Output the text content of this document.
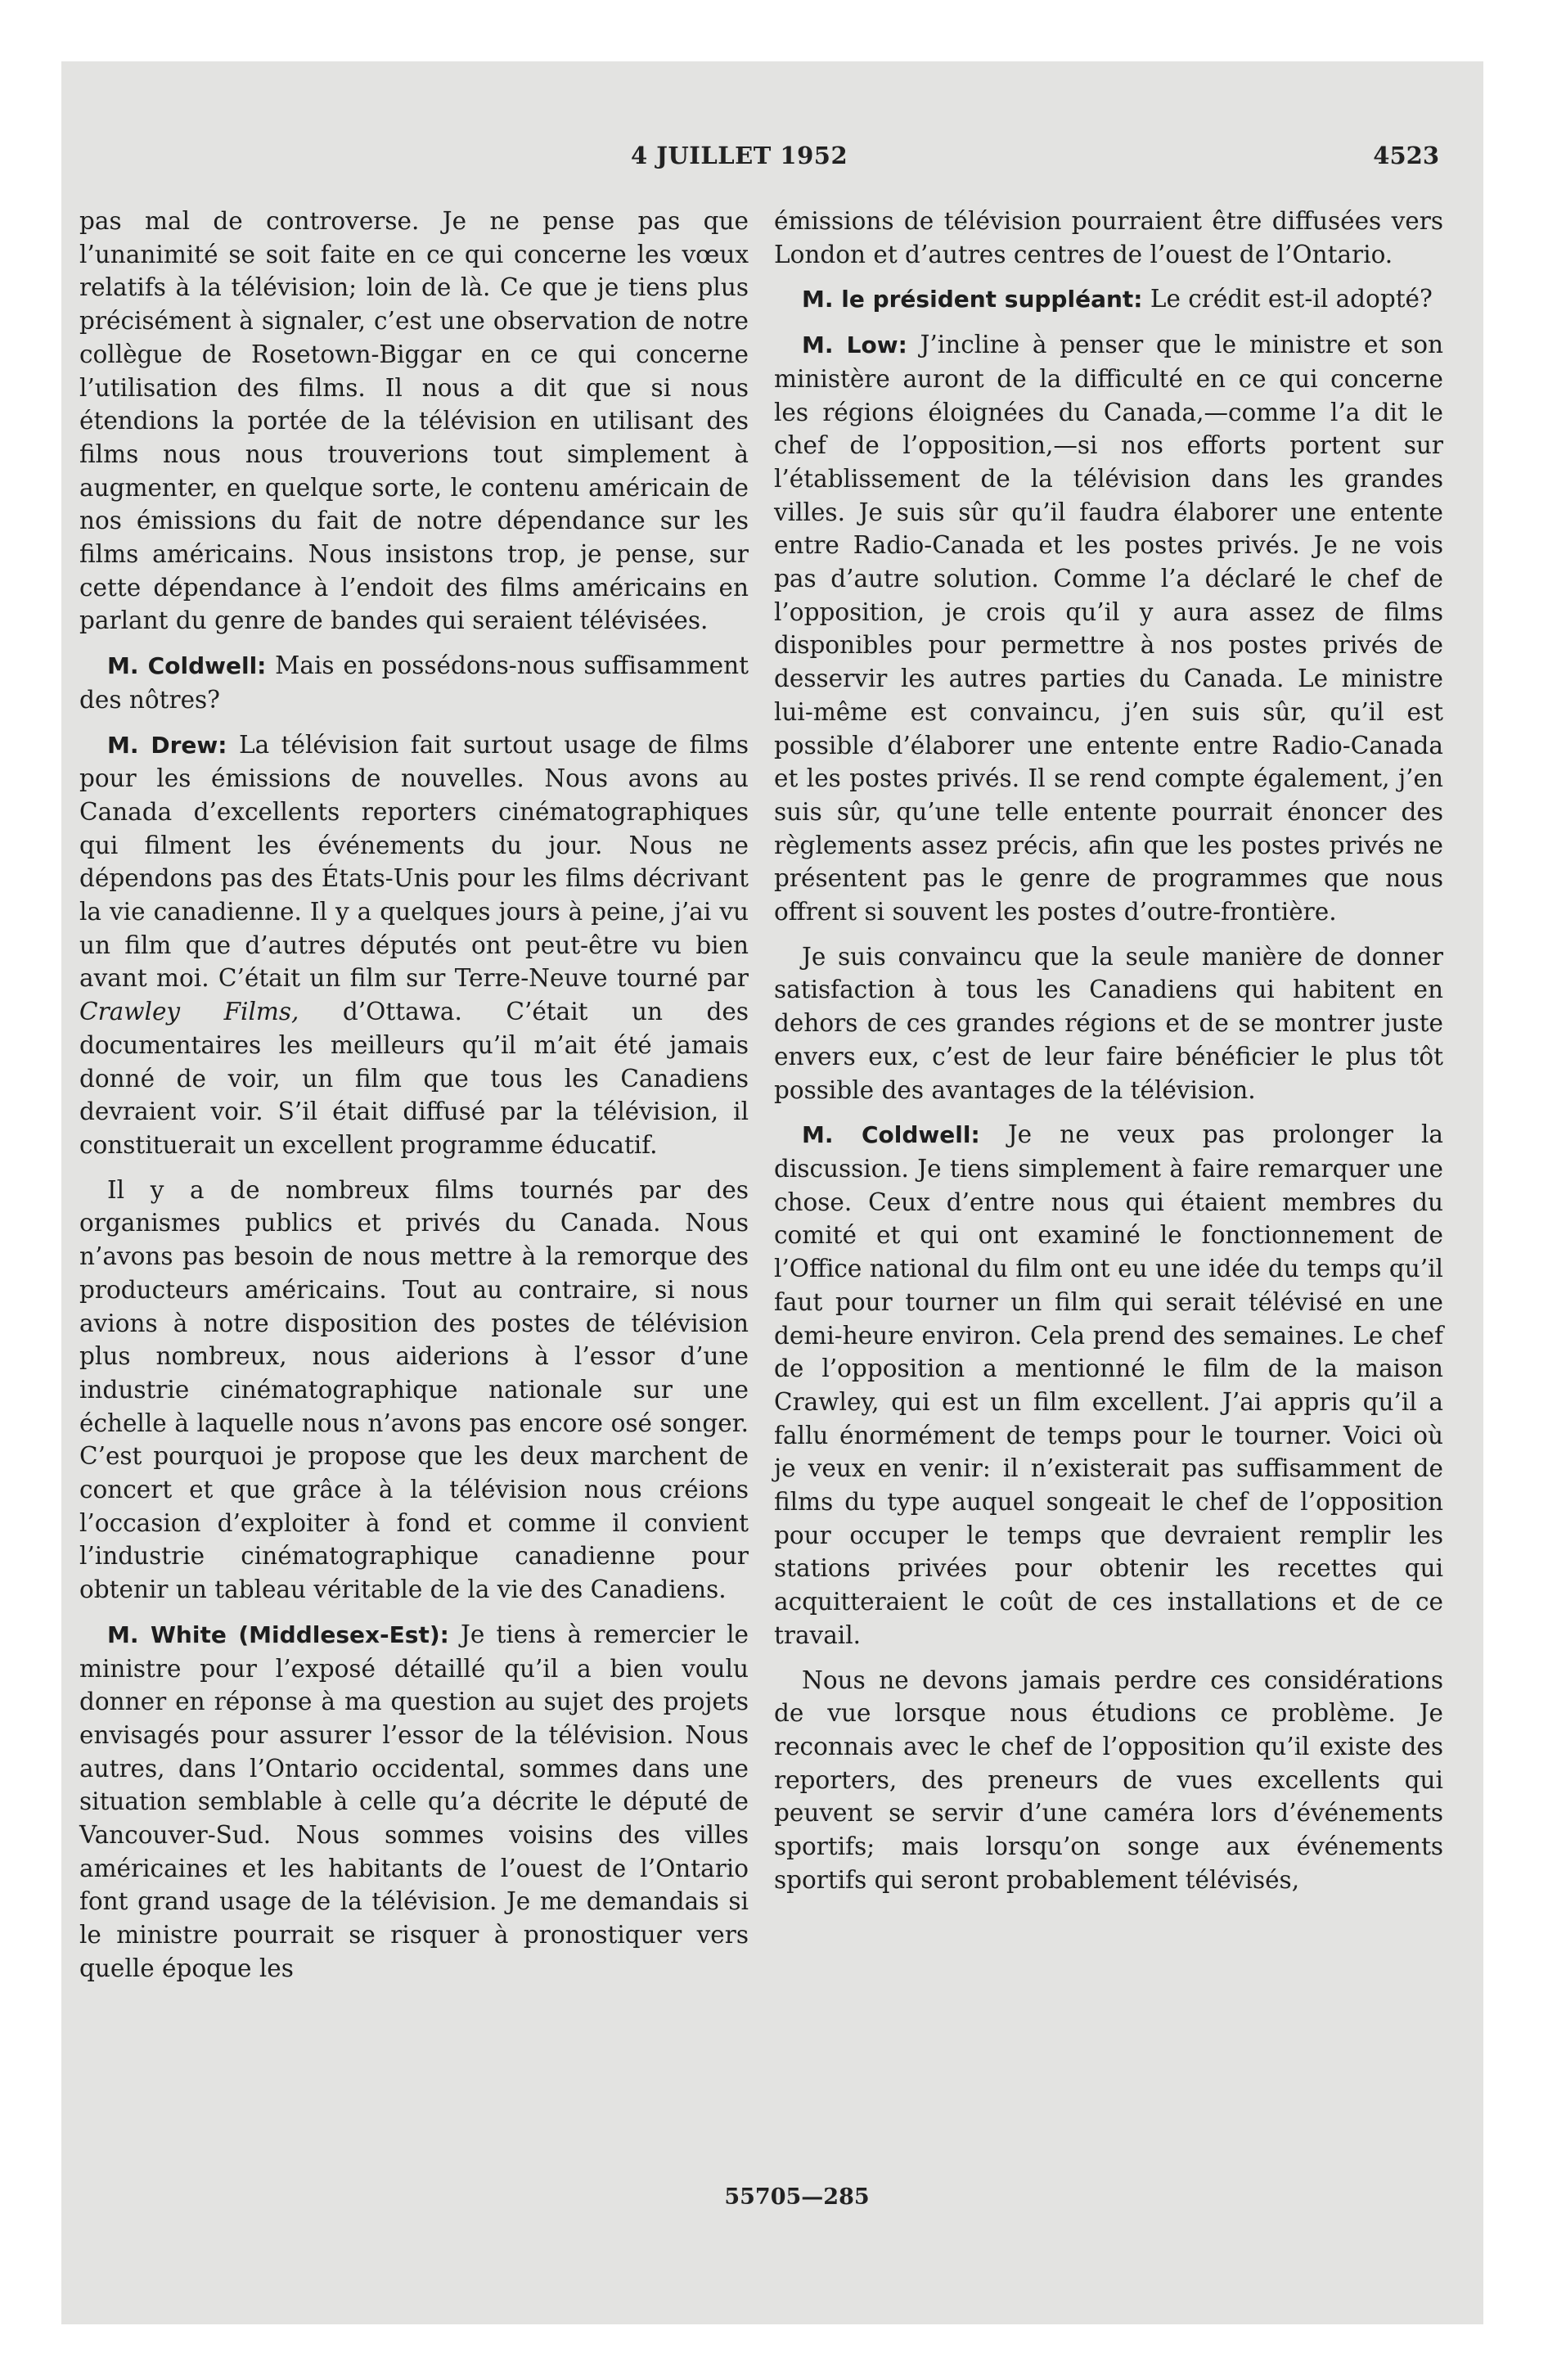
4 JUILLET 1952	4523

pas mal de controverse. Je ne pense pas que l’unanimité se soit faite en ce qui concerne les vœux relatifs à la télévision; loin de là. Ce que je tiens plus précisément à signaler, c’est une observation de notre collègue de Rosetown-Biggar en ce qui concerne l’utilisation des films. Il nous a dit que si nous étendions la portée de la télévision en utilisant des films nous nous trouverions tout simplement à augmenter, en quelque sorte, le contenu américain de nos émissions du fait de notre dépendance sur les films américains. Nous insistons trop, je pense, sur cette dépendance à l’endoit des films américains en parlant du genre de bandes qui seraient télévisées.

M. Coldwell: Mais en possédons-nous suffisamment des nôtres?

M. Drew: La télévision fait surtout usage de films pour les émissions de nouvelles. Nous avons au Canada d’excellents reporters cinématographiques qui filment les événements du jour. Nous ne dépendons pas des États-Unis pour les films décrivant la vie canadienne. Il y a quelques jours à peine, j’ai vu un film que d’autres députés ont peut-être vu bien avant moi. C’était un film sur Terre-Neuve tourné par Crawley Films, d’Ottawa. C’était un des documentaires les meilleurs qu’il m’ait été jamais donné de voir, un film que tous les Canadiens devraient voir. S’il était diffusé par la télévision, il constituerait un excellent programme éducatif.

Il y a de nombreux films tournés par des organismes publics et privés du Canada. Nous n’avons pas besoin de nous mettre à la remorque des producteurs américains. Tout au contraire, si nous avions à notre disposition des postes de télévision plus nombreux, nous aiderions à l’essor d’une industrie cinématographique nationale sur une échelle à laquelle nous n’avons pas encore osé songer. C’est pourquoi je propose que les deux marchent de concert et que grâce à la télévision nous créions l’occasion d’exploiter à fond et comme il convient l’industrie cinématographique canadienne pour obtenir un tableau véritable de la vie des Canadiens.

M. White (Middlesex-Est): Je tiens à remercier le ministre pour l’exposé détaillé qu’il a bien voulu donner en réponse à ma question au sujet des projets envisagés pour assurer l’essor de la télévision. Nous autres, dans l’Ontario occidental, sommes dans une situation semblable à celle qu’a décrite le député de Vancouver-Sud. Nous sommes voisins des villes américaines et les habitants de l’ouest de l’Ontario font grand usage de la télévision. Je me demandais si le ministre pourrait se risquer à pronostiquer vers quelle époque les

émissions de télévision pourraient être diffusées vers London et d’autres centres de l’ouest de l’Ontario.

M. le président suppléant: Le crédit est-il adopté?

M. Low: J’incline à penser que le ministre et son ministère auront de la difficulté en ce qui concerne les régions éloignées du Canada,—comme l’a dit le chef de l’opposition,—si nos efforts portent sur l’établissement de la télévision dans les grandes villes. Je suis sûr qu’il faudra élaborer une entente entre Radio-Canada et les postes privés. Je ne vois pas d’autre solution. Comme l’a déclaré le chef de l’opposition, je crois qu’il y aura assez de films disponibles pour permettre à nos postes privés de desservir les autres parties du Canada. Le ministre lui-même est convaincu, j’en suis sûr, qu’il est possible d’élaborer une entente entre Radio-Canada et les postes privés. Il se rend compte également, j’en suis sûr, qu’une telle entente pourrait énoncer des règlements assez précis, afin que les postes privés ne présentent pas le genre de programmes que nous offrent si souvent les postes d’outre-frontière.

Je suis convaincu que la seule manière de donner satisfaction à tous les Canadiens qui habitent en dehors de ces grandes régions et de se montrer juste envers eux, c’est de leur faire bénéficier le plus tôt possible des avantages de la télévision.

M. Coldwell: Je ne veux pas prolonger la discussion. Je tiens simplement à faire remarquer une chose. Ceux d’entre nous qui étaient membres du comité et qui ont examiné le fonctionnement de l’Office national du film ont eu une idée du temps qu’il faut pour tourner un film qui serait télévisé en une demi-heure environ. Cela prend des semaines. Le chef de l’opposition a mentionné le film de la maison Crawley, qui est un film excellent. J’ai appris qu’il a fallu énormément de temps pour le tourner. Voici où je veux en venir: il n’existerait pas suffisamment de films du type auquel songeait le chef de l’opposition pour occuper le temps que devraient remplir les stations privées pour obtenir les recettes qui acquitteraient le coût de ces installations et de ce travail.

Nous ne devons jamais perdre ces considérations de vue lorsque nous étudions ce problème. Je reconnais avec le chef de l’opposition qu’il existe des reporters, des preneurs de vues excellents qui peuvent se servir d’une caméra lors d’événements sportifs; mais lorsqu’on songe aux événements sportifs qui seront probablement télévisés,

55705—285
